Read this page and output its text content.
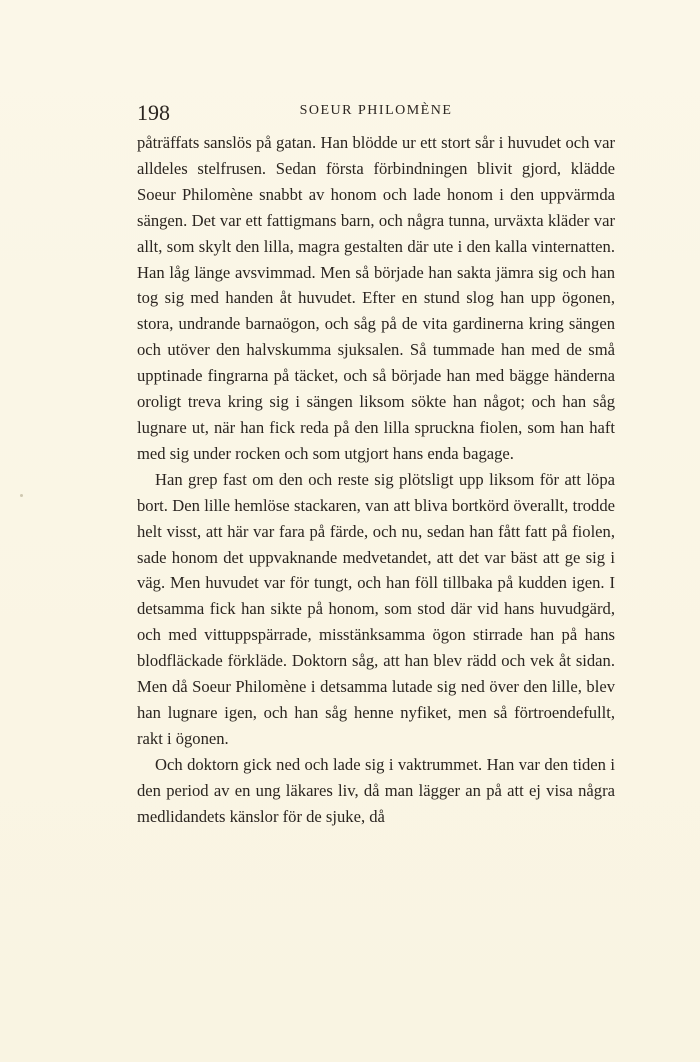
198	SOEUR PHILOMÈNE

påträffats sanslös på gatan. Han blödde ur ett stort sår i huvudet och var alldeles stelfrusen. Sedan första förbindningen blivit gjord, klädde Soeur Philomène snabbt av honom och lade honom i den uppvärmda sängen. Det var ett fattigmans barn, och några tunna, urväxta kläder var allt, som skylt den lilla, magra gestalten där ute i den kalla vinternatten. Han låg länge avsvimmad. Men så började han sakta jämra sig och han tog sig med handen åt huvudet. Efter en stund slog han upp ögonen, stora, undrande barnaögon, och såg på de vita gardinerna kring sängen och utöver den halvskumma sjuksalen. Så tummade han med de små upptinade fingrarna på täcket, och så började han med bägge händerna oroligt treva kring sig i sängen liksom sökte han något; och han såg lugnare ut, när han fick reda på den lilla spruckna fiolen, som han haft med sig under rocken och som utgjort hans enda bagage.

Han grep fast om den och reste sig plötsligt upp liksom för att löpa bort. Den lille hemlöse stackaren, van att bliva bortkörd överallt, trodde helt visst, att här var fara på färde, och nu, sedan han fått fatt på fiolen, sade honom det uppvaknande medvetandet, att det var bäst att ge sig i väg. Men huvudet var för tungt, och han föll tillbaka på kudden igen. I detsamma fick han sikte på honom, som stod där vid hans huvudgärd, och med vittuppspärrade, misstänksamma ögon stirrade han på hans blodfläckade förkläde. Doktorn såg, att han blev rädd och vek åt sidan. Men då Soeur Philomène i detsamma lutade sig ned över den lille, blev han lugnare igen, och han såg henne nyfiket, men så förtroendefullt, rakt i ögonen.

Och doktorn gick ned och lade sig i vaktrummet. Han var den tiden i den period av en ung läkares liv, då man lägger an på att ej visa några medlidandets känslor för de sjuke, då
